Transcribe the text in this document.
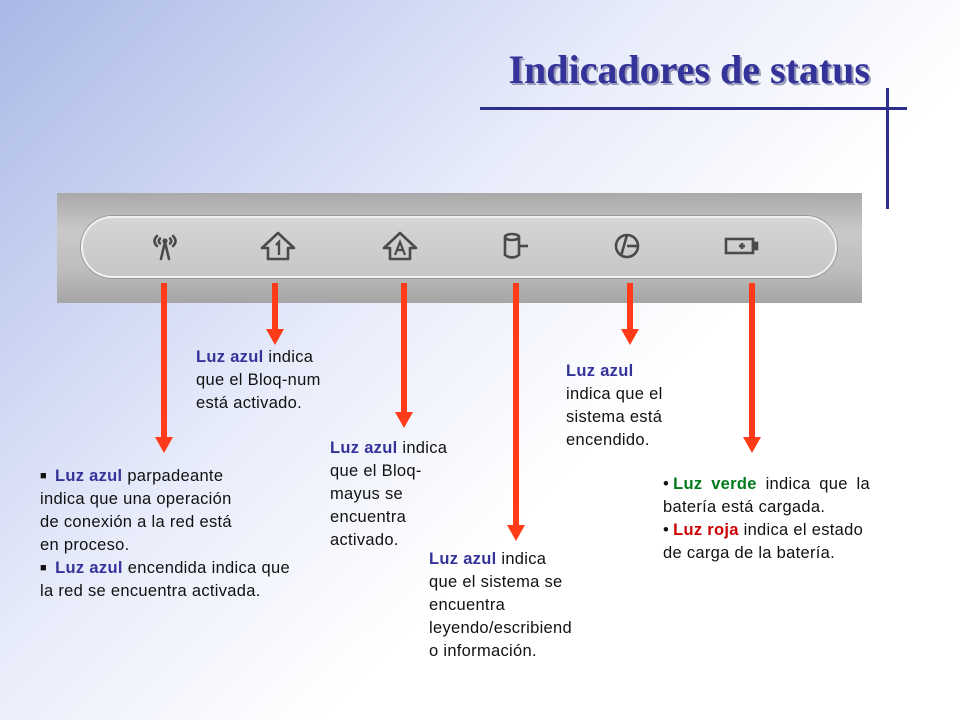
Indicadores de status
Luz azul indica
que el Bloq-num
está activado.
Luz azul
indica que el
sistema está
encendido.
Luz azul indica
que el Bloq-
mayus se
encuentra
activado.
Luz azul indica
que el sistema se
encuentra
leyendo/escribiend
o información.
■ Luz azul parpadeante
indica que una operación
de conexión a la red está
en proceso.
■ Luz azul encendida indica que la red se encuentra activada.
• Luz verde indica que la batería está cargada.
• Luz roja indica el estado de carga de la batería.
